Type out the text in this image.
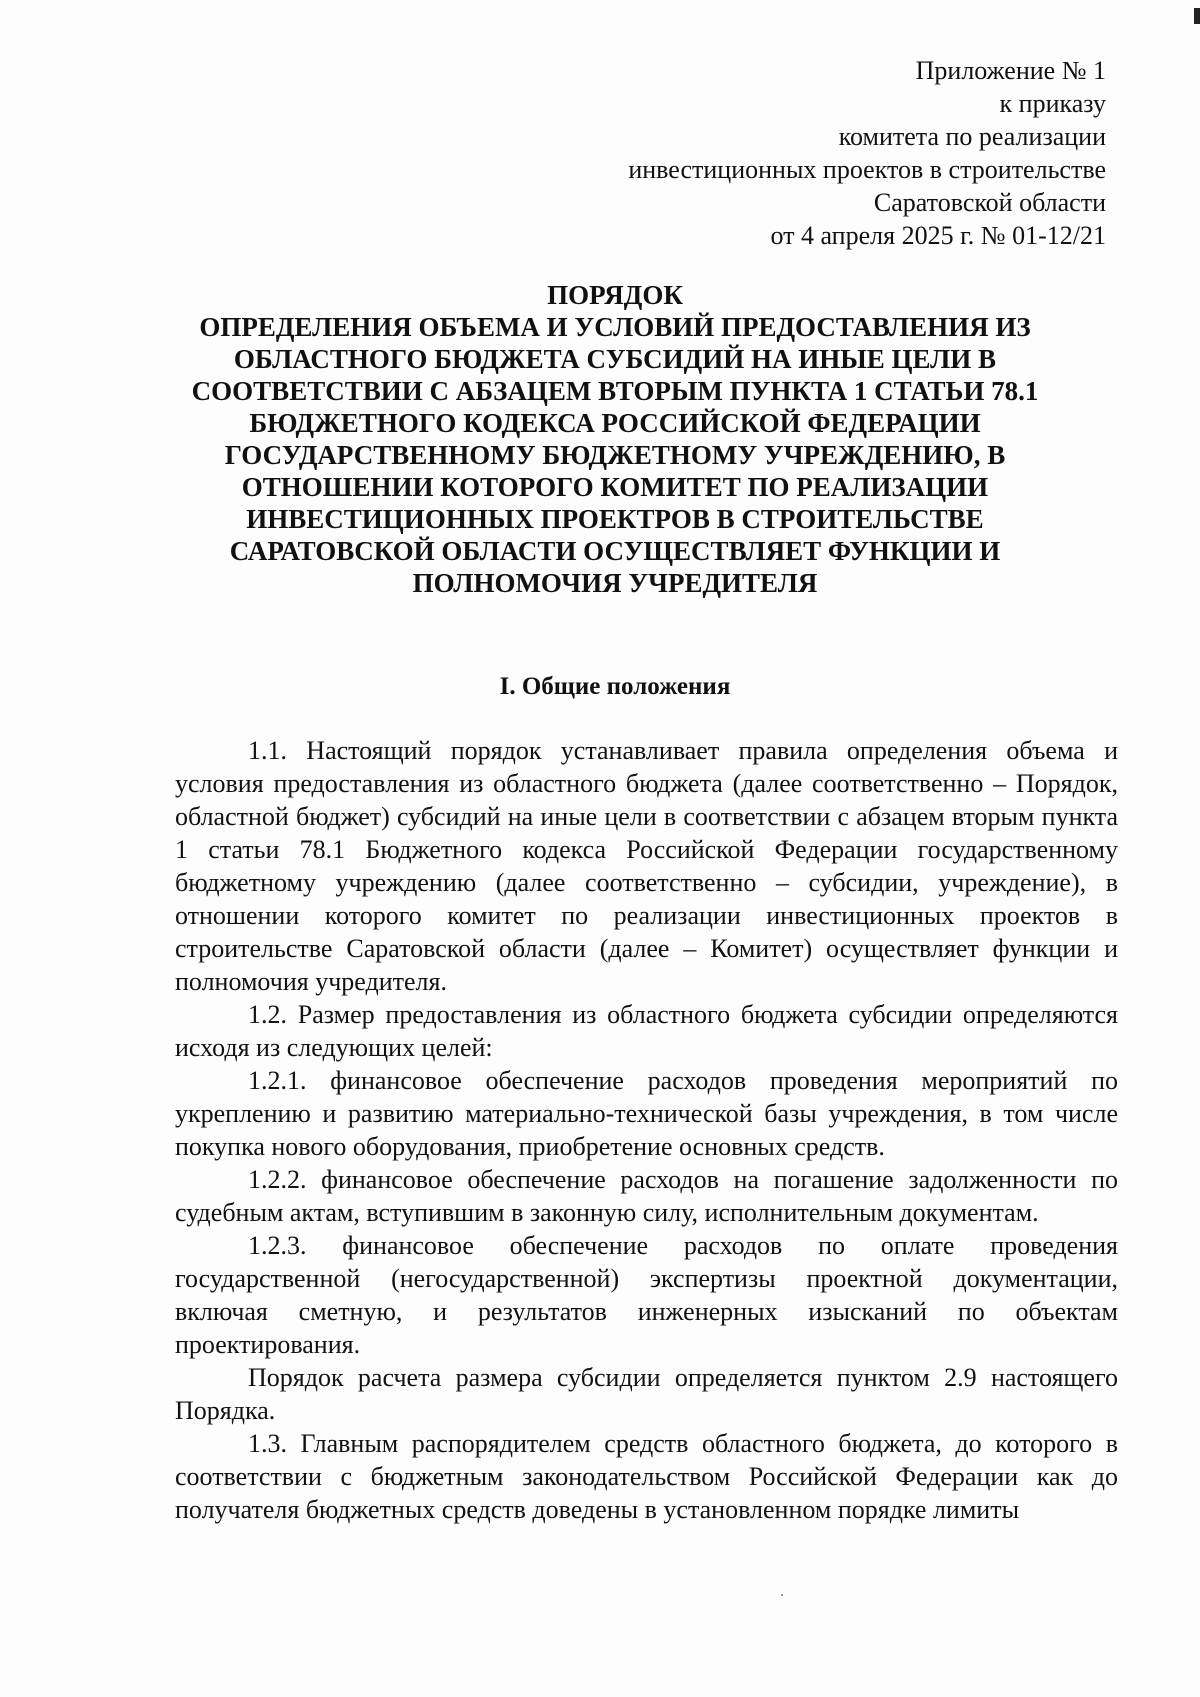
Приложение № 1
к приказу
комитета по реализации
инвестиционных проектов в строительстве
Саратовской области
от 4 апреля 2025 г. № 01-12/21
ПОРЯДОК
ОПРЕДЕЛЕНИЯ ОБЪЕМА И УСЛОВИЙ ПРЕДОСТАВЛЕНИЯ ИЗ
ОБЛАСТНОГО БЮДЖЕТА СУБСИДИЙ НА ИНЫЕ ЦЕЛИ В
СООТВЕТСТВИИ С АБЗАЦЕМ ВТОРЫМ ПУНКТА 1 СТАТЬИ 78.1
БЮДЖЕТНОГО КОДЕКСА РОССИЙСКОЙ ФЕДЕРАЦИИ
ГОСУДАРСТВЕННОМУ БЮДЖЕТНОМУ УЧРЕЖДЕНИЮ, В
ОТНОШЕНИИ КОТОРОГО КОМИТЕТ ПО РЕАЛИЗАЦИИ
ИНВЕСТИЦИОННЫХ ПРОЕКТРОВ В СТРОИТЕЛЬСТВЕ
САРАТОВСКОЙ ОБЛАСТИ ОСУЩЕСТВЛЯЕТ ФУНКЦИИ И
ПОЛНОМОЧИЯ УЧРЕДИТЕЛЯ
I. Общие положения

1.1. Настоящий порядок устанавливает правила определения объема и условия предоставления из областного бюджета (далее соответственно – Порядок, областной бюджет) субсидий на иные цели в соответствии с абзацем вторым пункта 1 статьи 78.1 Бюджетного кодекса Российской Федерации государственному бюджетному учреждению (далее соответственно – субсидии, учреждение), в отношении которого комитет по реализации инвестиционных проектов в строительстве Саратовской области (далее – Комитет) осуществляет функции и полномочия учредителя.

1.2. Размер предоставления из областного бюджета субсидии определяются исходя из следующих целей:

1.2.1. финансовое обеспечение расходов проведения мероприятий по укреплению и развитию материально-технической базы учреждения, в том числе покупка нового оборудования, приобретение основных средств.

1.2.2. финансовое обеспечение расходов на погашение задолженности по судебным актам, вступившим в законную силу, исполнительным документам.

1.2.3. финансовое обеспечение расходов по оплате проведения государственной (негосударственной) экспертизы проектной документации, включая сметную, и результатов инженерных изысканий по объектам проектирования.

Порядок расчета размера субсидии определяется пунктом 2.9 настоящего Порядка.

1.3. Главным распорядителем средств областного бюджета, до которого в соответствии с бюджетным законодательством Российской Федерации как до получателя бюджетных средств доведены в установленном порядке лимиты
